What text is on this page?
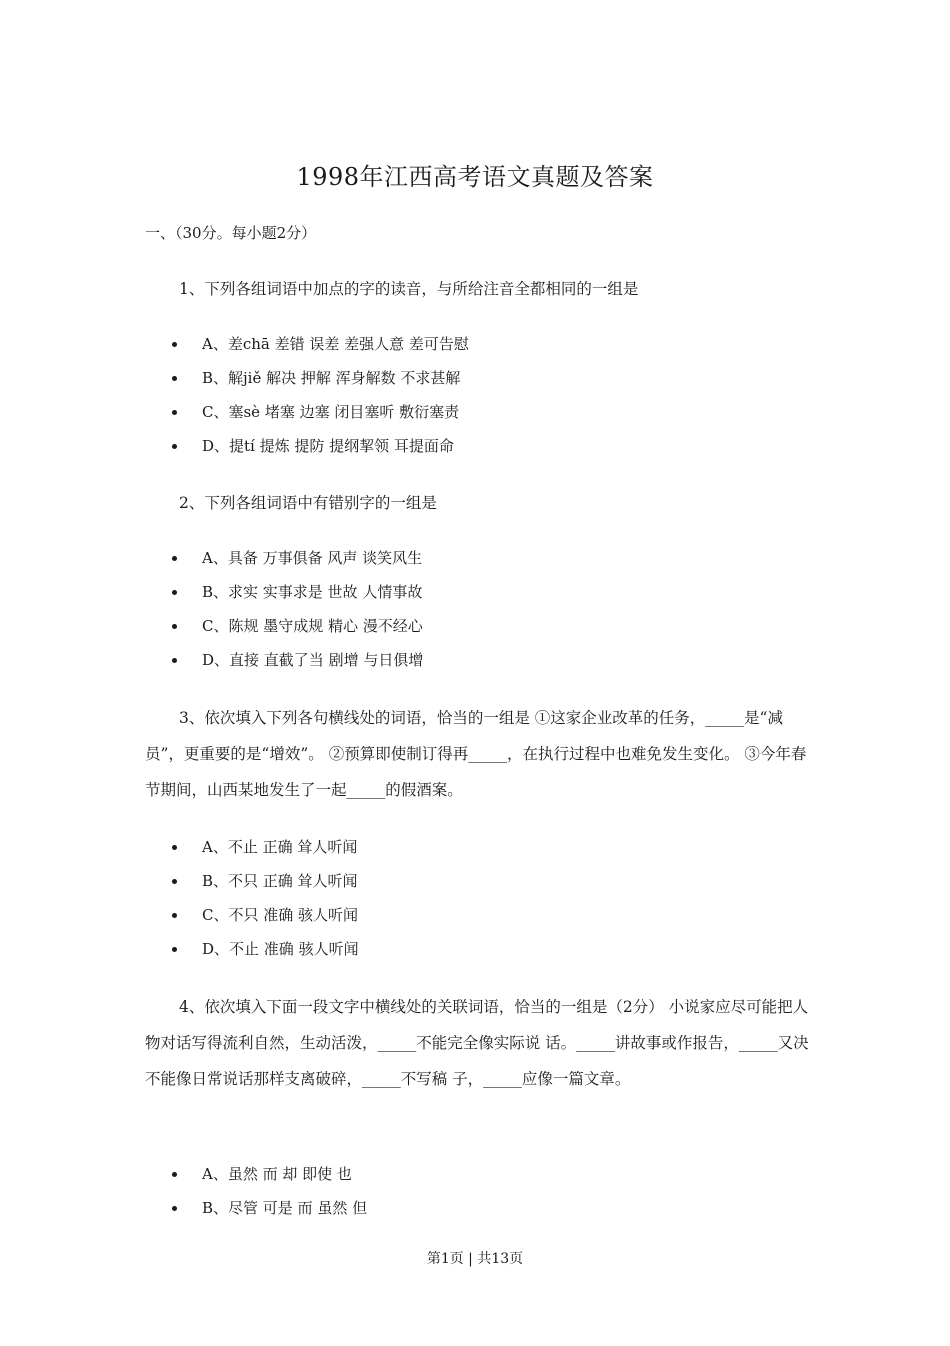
1998年江西高考语文真题及答案
一、（30分。每小题2分）
1、下列各组词语中加点的字的读音，与所给注音全都相同的一组是
A、差chā 差错 误差 差强人意 差可告慰
B、解jiě 解决 押解 浑身解数 不求甚解
C、塞sè 堵塞 边塞 闭目塞听 敷衍塞责
D、提tí 提炼 提防 提纲挈领 耳提面命
2、下列各组词语中有错别字的一组是
A、具备 万事俱备 风声 谈笑风生
B、求实 实事求是 世故 人情事故
C、陈规 墨守成规 精心 漫不经心
D、直接 直截了当 剧增 与日俱增
3、依次填入下列各句横线处的词语，恰当的一组是 ①这家企业改革的任务，_____是“减员”，更重要的是“增效”。 ②预算即使制订得再_____，在执行过程中也难免发生变化。 ③今年春节期间，山西某地发生了一起_____的假酒案。
A、不止 正确 耸人听闻
B、不只 正确 耸人听闻
C、不只 准确 骇人听闻
D、不止 准确 骇人听闻
4、依次填入下面一段文字中横线处的关联词语，恰当的一组是（2分） 小说家应尽可能把人物对话写得流利自然，生动活泼，_____不能完全像实际说 话。_____讲故事或作报告，_____又决不能像日常说话那样支离破碎，_____不写稿 子，_____应像一篇文章。
A、虽然 而 却 即使 也
B、尽管 可是 而 虽然 但
第1页 | 共13页
